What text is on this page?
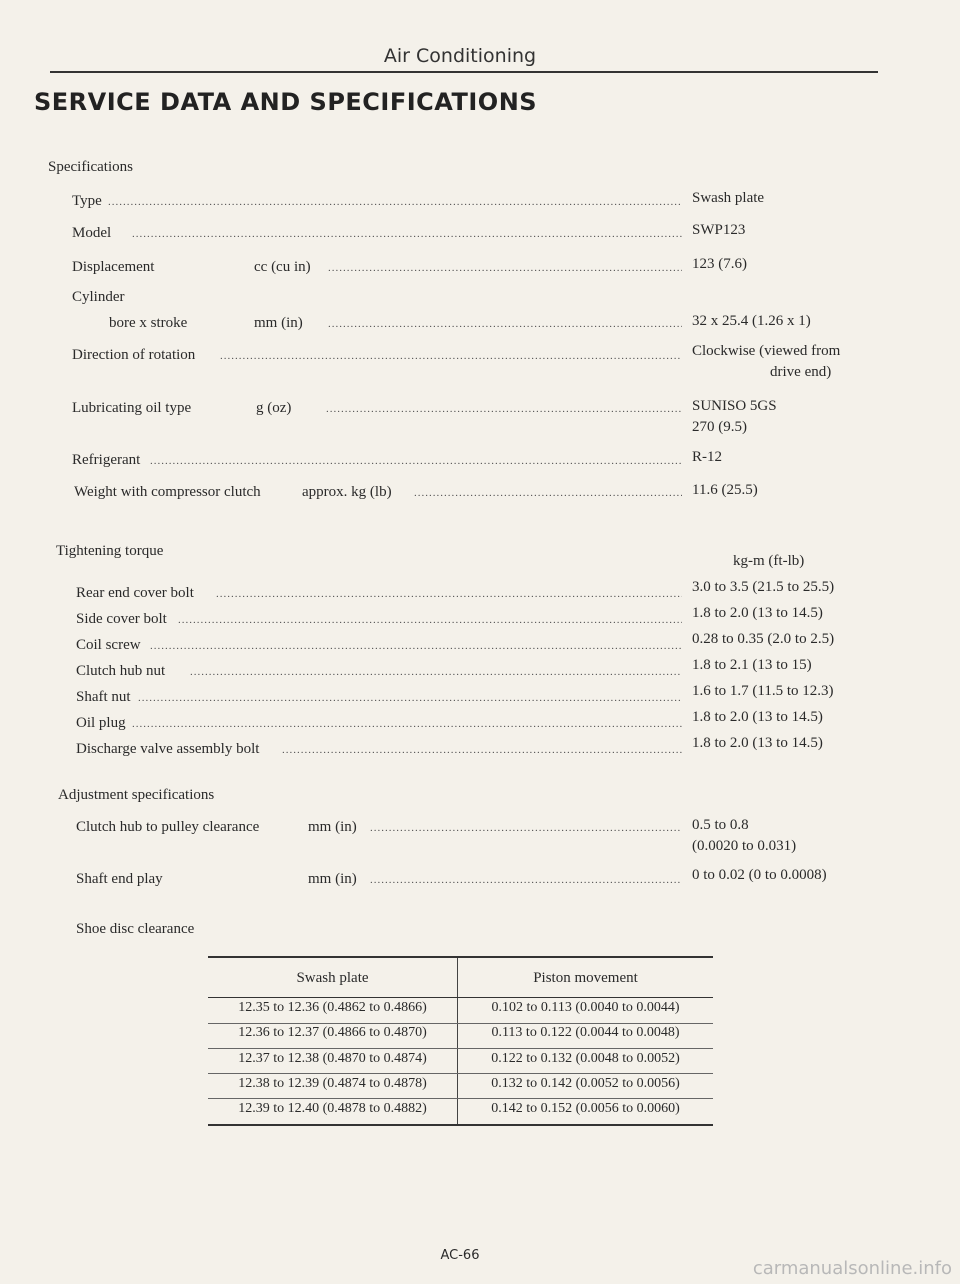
Air Conditioning
SERVICE DATA AND SPECIFICATIONS
Specifications
Type .....	Swash plate
Model .....	SWP123
Displacement	cc (cu in) .....	123 (7.6)
Cylinder
bore x stroke	mm (in) .....	32 x 25.4 (1.26 x 1)
Direction of rotation .....	Clockwise (viewed from
drive end)
Lubricating oil type	g (oz) .....	SUNISO 5GS
270 (9.5)
Refrigerant .....	R-12
Weight with compressor clutch	approx. kg (lb) .....	11.6 (25.5)
Tightening torque
kg-m (ft-lb)
Rear end cover bolt .....	3.0 to 3.5 (21.5 to 25.5)
Side cover bolt .....	1.8 to 2.0 (13 to 14.5)
Coil screw .....	0.28 to 0.35 (2.0 to 2.5)
Clutch hub nut .....	1.8 to 2.1 (13 to 15)
Shaft nut .....	1.6 to 1.7 (11.5 to 12.3)
Oil plug .....	1.8 to 2.0 (13 to 14.5)
Discharge valve assembly bolt .....	1.8 to 2.0 (13 to 14.5)
Adjustment specifications
Clutch hub to pulley clearance	mm (in) .....	0.5 to 0.8
(0.0020 to 0.031)
Shaft end play	mm (in) .....	0 to 0.02 (0 to 0.0008)
Shoe disc clearance
Swash plate	Piston movement
12.35 to 12.36 (0.4862 to 0.4866)	0.102 to 0.113 (0.0040 to 0.0044)
12.36 to 12.37 (0.4866 to 0.4870)	0.113 to 0.122 (0.0044 to 0.0048)
12.37 to 12.38 (0.4870 to 0.4874)	0.122 to 0.132 (0.0048 to 0.0052)
12.38 to 12.39 (0.4874 to 0.4878)	0.132 to 0.142 (0.0052 to 0.0056)
12.39 to 12.40 (0.4878 to 0.4882)	0.142 to 0.152 (0.0056 to 0.0060)
AC-66
carmanualsonline.info
